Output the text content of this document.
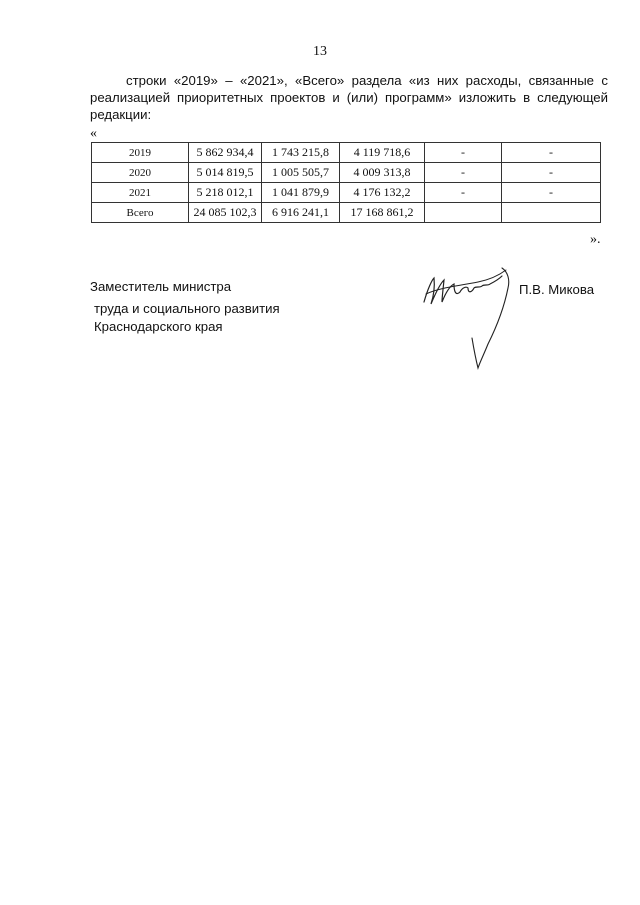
13
строки «2019» – «2021», «Всего» раздела «из них расходы, связанные с реализацией приоритетных проектов и (или) программ» изложить в следующей редакции:
«
2019	5 862 934,4	1 743 215,8	4 119 718,6	-	-
2020	5 014 819,5	1 005 505,7	4 009 313,8	-	-
2021	5 218 012,1	1 041 879,9	4 176 132,2	-	-
Всего	24 085 102,3	6 916 241,1	17 168 861,2		
».
Заместитель министра
труда и социального развития
Краснодарского края
П.В. Микова
